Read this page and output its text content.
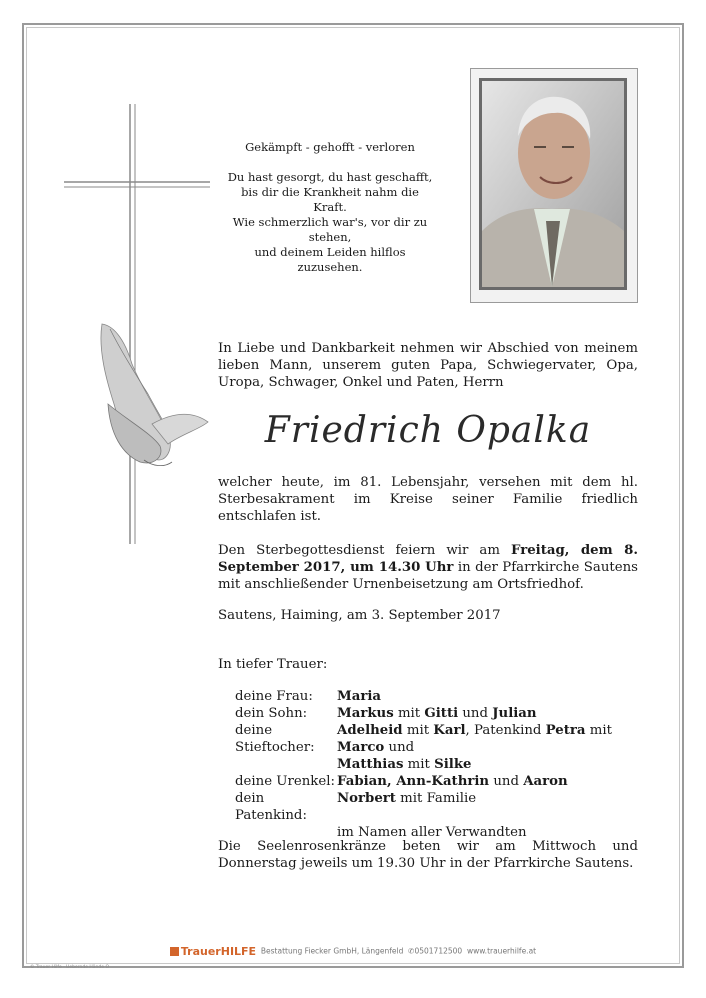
Gekämpft - gehofft - verloren

Du hast gesorgt, du hast geschafft,

bis dir die Krankheit nahm die Kraft.

Wie schmerzlich war's, vor dir zu stehen,

und deinem Leiden hilflos zuzusehen.

In Liebe und Dankbarkeit nehmen wir Abschied von meinem lieben Mann, unserem guten Papa, Schwiegervater, Opa, Uropa, Schwager, Onkel und Paten, Herrn

Friedrich Opalka

welcher heute, im 81. Lebensjahr, versehen mit dem hl. Sterbesakrament im Kreise seiner Familie friedlich entschlafen ist.

Den Sterbegottesdienst feiern wir am Freitag, dem 8. September 2017, um 14.30 Uhr in der Pfarrkirche Sautens mit anschließender Urnenbeisetzung am Ortsfriedhof.

Sautens, Haiming, am 3. September 2017

In tiefer Trauer:

deine Frau:	Maria
dein Sohn:	Markus mit Gitti und Julian
deine Stieftocher:
Adelheid mit Karl, Patenkind Petra mit Marco und
Matthias mit Silke
deine Urenkel: Fabian, Ann-Kathrin und Aaron
dein Patenkind:
Norbert mit Familie
im Namen aller Verwandten

Die Seelenrosenkränze beten wir am Mittwoch und Donnerstag jeweils um 19.30 Uhr in der Pfarrkirche Sautens.

TrauerHILFE Bestattung Fiecker GmbH, Längenfeld ✆0501712500 www.trauerhilfe.at
© Trauer Hilfe · Uebernde Hände O
